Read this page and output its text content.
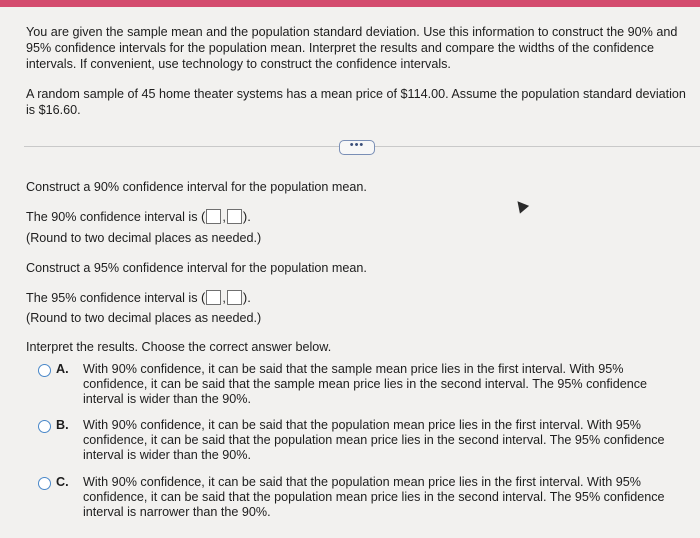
You are given the sample mean and the population standard deviation. Use this information to construct the 90% and 95% confidence intervals for the population mean. Interpret the results and compare the widths of the confidence intervals. If convenient, use technology to construct the confidence intervals.
A random sample of 45 home theater systems has a mean price of $114.00. Assume the population standard deviation is $16.60.
•••
Construct a 90% confidence interval for the population mean.
The 90% confidence interval is ( , ).
(Round to two decimal places as needed.)
Construct a 95% confidence interval for the population mean.
The 95% confidence interval is ( , ).
(Round to two decimal places as needed.)
Interpret the results. Choose the correct answer below.
A. With 90% confidence, it can be said that the sample mean price lies in the first interval. With 95% confidence, it can be said that the sample mean price lies in the second interval. The 95% confidence interval is wider than the 90%.
B. With 90% confidence, it can be said that the population mean price lies in the first interval. With 95% confidence, it can be said that the population mean price lies in the second interval. The 95% confidence interval is wider than the 90%.
C. With 90% confidence, it can be said that the population mean price lies in the first interval. With 95% confidence, it can be said that the population mean price lies in the second interval. The 95% confidence interval is narrower than the 90%.
